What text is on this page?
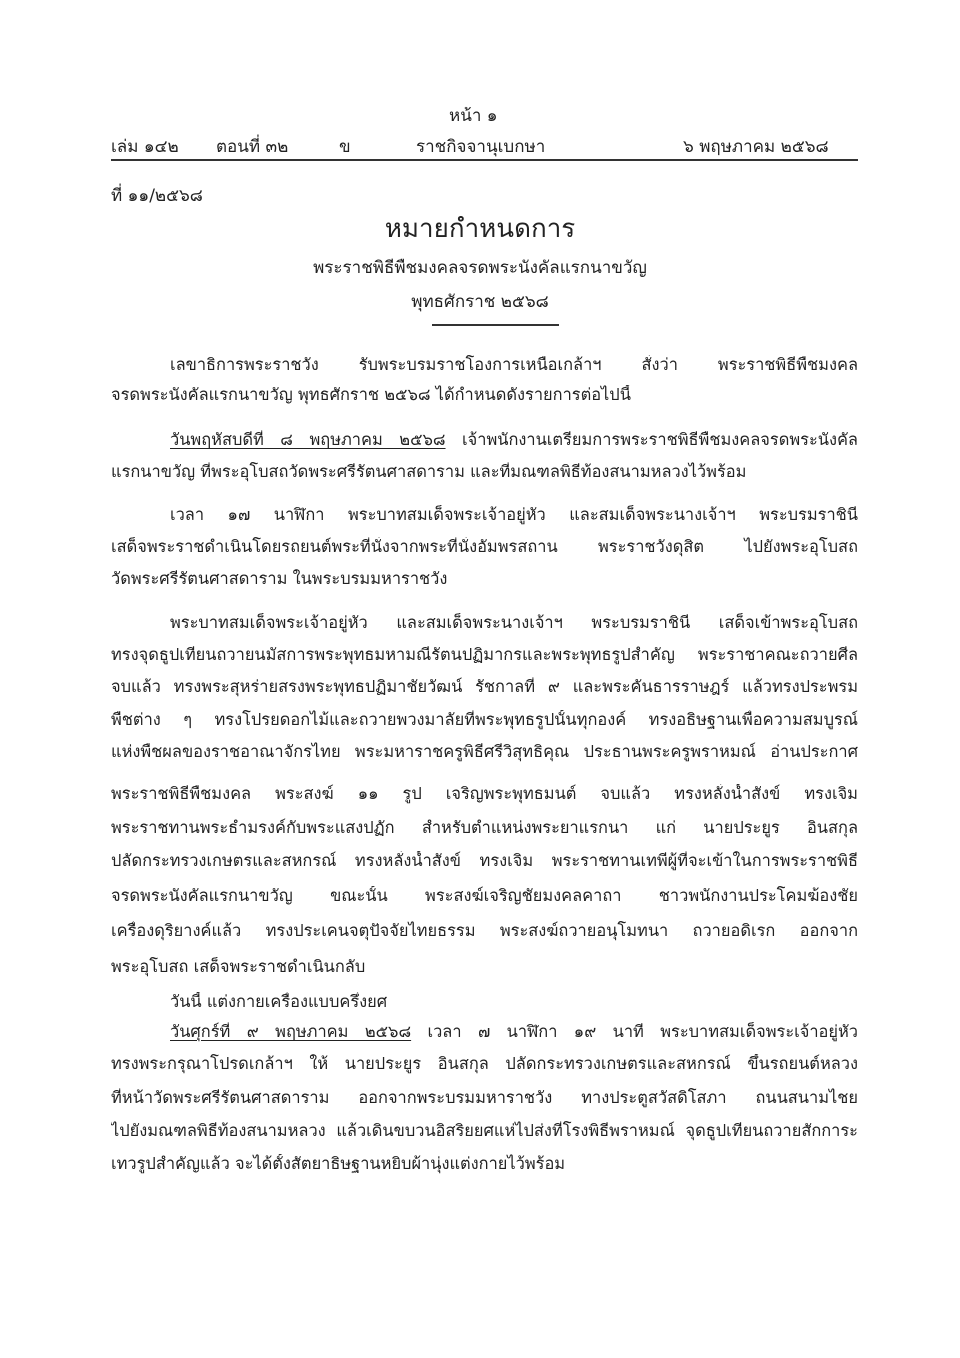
หน้า ๑
เล่ม ๑๔๒ ตอนที่ ๓๒	ข	ราชกิจจานุเบกษา	๖ พฤษภาคม ๒๕๖๘
ที่ ๑๑/๒๕๖๘
หมายกำหนดการ
พระราชพิธีพืชมงคลจรดพระนังคัลแรกนาขวัญ
พุทธศักราช ๒๕๖๘
เลขาธิการพระราชวัง รับพระบรมราชโองการเหนือเกล้าฯ สั่งว่า พระราชพิธีพืชมงคล
จรดพระนังคัลแรกนาขวัญ พุทธศักราช ๒๕๖๘ ได้กำหนดดังรายการต่อไปนี้
วันพฤหัสบดีที่ ๘ พฤษภาคม ๒๕๖๘ เจ้าพนักงานเตรียมการพระราชพิธีพืชมงคลจรดพระนังคัล
แรกนาขวัญ ที่พระอุโบสถวัดพระศรีรัตนศาสดาราม และที่มณฑลพิธีท้องสนามหลวงไว้พร้อม
เวลา ๑๗ นาฬิกา พระบาทสมเด็จพระเจ้าอยู่หัว และสมเด็จพระนางเจ้าฯ พระบรมราชินี
เสด็จพระราชดำเนินโดยรถยนต์พระที่นั่งจากพระที่นั่งอัมพรสถาน พระราชวังดุสิต ไปยังพระอุโบสถ
วัดพระศรีรัตนศาสดาราม ในพระบรมมหาราชวัง
พระบาทสมเด็จพระเจ้าอยู่หัว และสมเด็จพระนางเจ้าฯ พระบรมราชินี เสด็จเข้าพระอุโบสถ
ทรงจุดธูปเทียนถวายนมัสการพระพุทธมหามณีรัตนปฏิมากรและพระพุทธรูปสำคัญ พระราชาคณะถวายศีล
จบแล้ว ทรงพระสุหร่ายสรงพระพุทธปฏิมาชัยวัฒน์ รัชกาลที่ ๙ และพระคันธารราษฎร์ แล้วทรงประพรม
พืชต่าง ๆ ทรงโปรยดอกไม้และถวายพวงมาลัยที่พระพุทธรูปนั้นทุกองค์ ทรงอธิษฐานเพื่อความสมบูรณ์
แห่งพืชผลของราชอาณาจักรไทย พระมหาราชครูพิธีศรีวิสุทธิคุณ ประธานพระครูพราหมณ์ อ่านประกาศ
พระราชพิธีพืชมงคล พระสงฆ์ ๑๑ รูป เจริญพระพุทธมนต์ จบแล้ว ทรงหลั่งน้ำสังข์ ทรงเจิม
พระราชทานพระธำมรงค์กับพระแสงปฏัก สำหรับตำแหน่งพระยาแรกนา แก่ นายประยูร อินสกุล
ปลัดกระทรวงเกษตรและสหกรณ์ ทรงหลั่งน้ำสังข์ ทรงเจิม พระราชทานเทพีผู้ที่จะเข้าในการพระราชพิธี
จรดพระนังคัลแรกนาขวัญ ขณะนั้น พระสงฆ์เจริญชัยมงคลคาถา ชาวพนักงานประโคมฆ้องชัย
เครื่องดุริยางค์แล้ว ทรงประเคนจตุปัจจัยไทยธรรม พระสงฆ์ถวายอนุโมทนา ถวายอดิเรก ออกจาก
พระอุโบสถ เสด็จพระราชดำเนินกลับ
วันนี้ แต่งกายเครื่องแบบครึ่งยศ
วันศุกร์ที่ ๙ พฤษภาคม ๒๕๖๘ เวลา ๗ นาฬิกา ๑๙ นาที พระบาทสมเด็จพระเจ้าอยู่หัว
ทรงพระกรุณาโปรดเกล้าฯ ให้ นายประยูร อินสกุล ปลัดกระทรวงเกษตรและสหกรณ์ ขึ้นรถยนต์หลวง
ที่หน้าวัดพระศรีรัตนศาสดาราม ออกจากพระบรมมหาราชวัง ทางประตูสวัสดิโสภา ถนนสนามไชย
ไปยังมณฑลพิธีท้องสนามหลวง แล้วเดินขบวนอิสริยยศแห่ไปส่งที่โรงพิธีพราหมณ์ จุดธูปเทียนถวายสักการะ
เทวรูปสำคัญแล้ว จะได้ตั้งสัตยาธิษฐานหยิบผ้านุ่งแต่งกายไว้พร้อม
